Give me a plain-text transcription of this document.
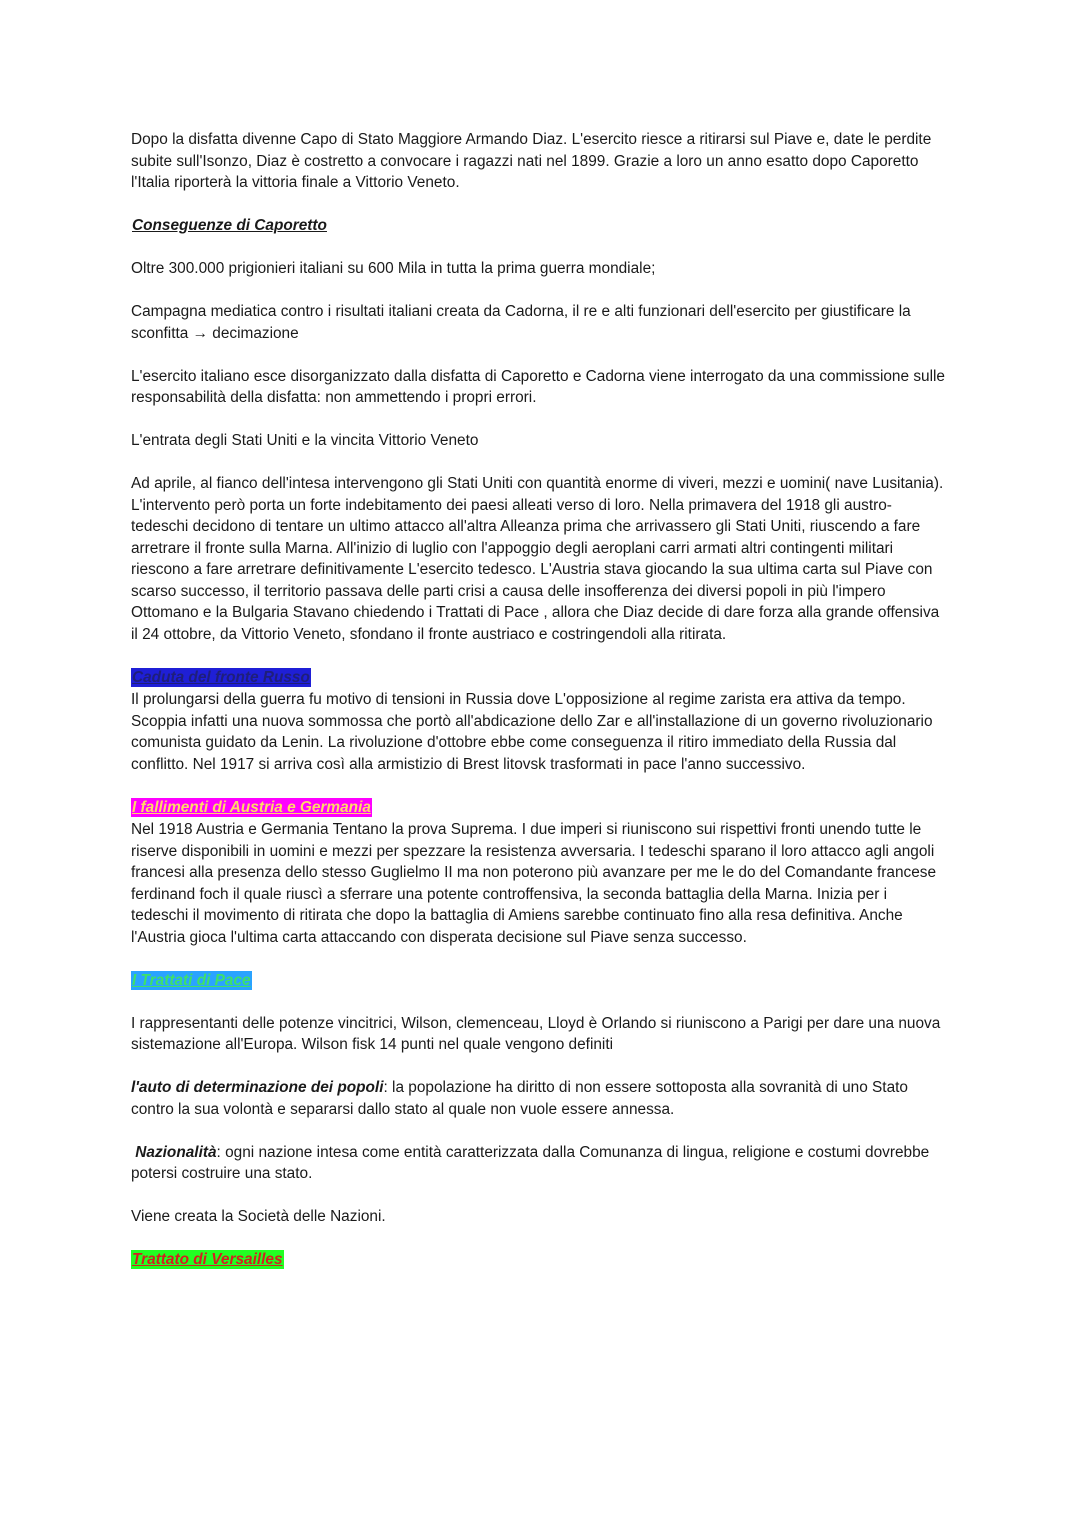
Dopo la disfatta divenne Capo di Stato Maggiore Armando Diaz. L'esercito riesce a ritirarsi sul Piave e, date le perdite subite sull'Isonzo, Diaz è costretto a convocare i ragazzi nati nel 1899. Grazie a loro un anno esatto dopo Caporetto l'Italia riporterà la vittoria finale a Vittorio Veneto.

Conseguenze di Caporetto

Oltre 300.000 prigionieri italiani su 600 Mila in tutta la prima guerra mondiale;

Campagna mediatica contro i risultati italiani creata da Cadorna, il re e alti funzionari dell'esercito per giustificare la sconfitta → decimazione

L'esercito italiano esce disorganizzato dalla disfatta di Caporetto e Cadorna viene interrogato da una commissione sulle responsabilità della disfatta: non ammettendo i propri errori.

L'entrata degli Stati Uniti e la vincita Vittorio Veneto

Ad aprile, al fianco dell'intesa intervengono gli Stati Uniti con quantità enorme di viveri, mezzi e uomini( nave Lusitania). L'intervento però porta un forte indebitamento dei paesi alleati verso di loro. Nella primavera del 1918 gli austro-tedeschi decidono di tentare un ultimo attacco all'altra Alleanza prima che arrivassero gli Stati Uniti, riuscendo a fare arretrare il fronte sulla Marna. All'inizio di luglio con l'appoggio degli aeroplani carri armati altri contingenti militari riescono a fare arretrare definitivamente L'esercito tedesco. L'Austria stava giocando la sua ultima carta sul Piave con scarso successo, il territorio passava delle parti crisi a causa delle insofferenza dei diversi popoli in più l'impero Ottomano e la Bulgaria Stavano chiedendo i Trattati di Pace , allora che Diaz decide di dare forza alla grande offensiva il 24 ottobre, da Vittorio Veneto, sfondano il fronte austriaco e costringendoli alla ritirata.

Caduta del fronte Russo

Il prolungarsi della guerra fu motivo di tensioni in Russia dove L'opposizione al regime zarista era attiva da tempo. Scoppia infatti una nuova sommossa che portò all'abdicazione dello Zar e all'installazione di un governo rivoluzionario comunista guidato da Lenin. La rivoluzione d'ottobre ebbe come conseguenza il ritiro immediato della Russia dal conflitto. Nel 1917 si arriva così alla armistizio di Brest litovsk trasformati in pace l'anno successivo.

I fallimenti di Austria e Germania

Nel 1918 Austria e Germania Tentano la prova Suprema. I due imperi si riuniscono sui rispettivi fronti unendo tutte le riserve disponibili in uomini e mezzi per spezzare la resistenza avversaria. I tedeschi sparano il loro attacco agli angoli francesi alla presenza dello stesso Guglielmo II ma non poterono più avanzare per me le do del Comandante francese ferdinand foch il quale riuscì a sferrare una potente controffensiva, la seconda battaglia della Marna. Inizia per i tedeschi il movimento di ritirata che dopo la battaglia di Amiens sarebbe continuato fino alla resa definitiva. Anche l'Austria gioca l'ultima carta attaccando con disperata decisione sul Piave senza successo.

I Trattati di Pace

I rappresentanti delle potenze vincitrici, Wilson, clemenceau, Lloyd è Orlando si riuniscono a Parigi per dare una nuova sistemazione all'Europa. Wilson fisk 14 punti nel quale vengono definiti

l'auto di determinazione dei popoli: la popolazione ha diritto di non essere sottoposta alla sovranità di uno Stato contro la sua volontà e separarsi dallo stato al quale non vuole essere annessa.

Nazionalità: ogni nazione intesa come entità caratterizzata dalla Comunanza di lingua, religione e costumi dovrebbe potersi costruire una stato.

Viene creata la Società delle Nazioni.

Trattato di Versailles
